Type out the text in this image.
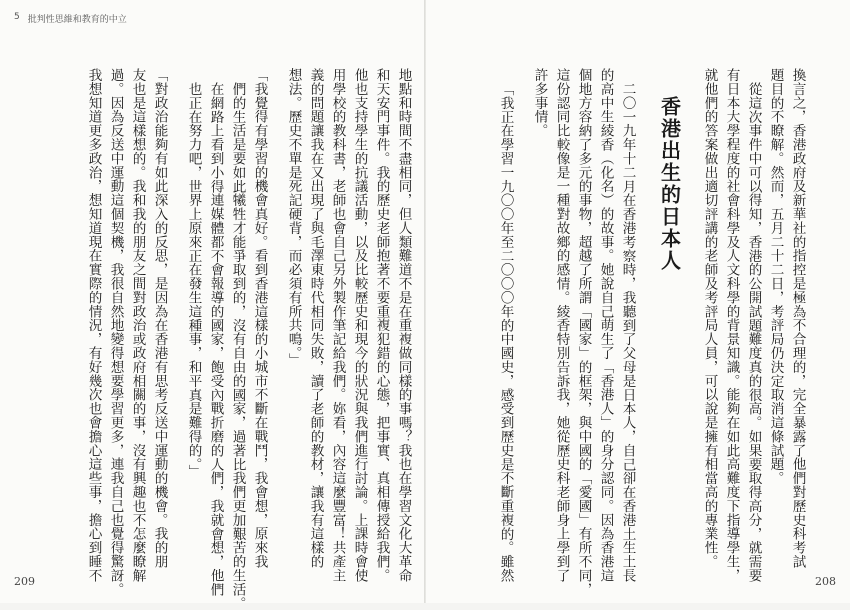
5 批判性思維和教育的中立
地點和時間不盡相同，但人類難道不是在重複做同樣的事嗎？我也在學習文化大革命
和天安門事件。我的歷史老師抱著不要重複犯錯的心態，把事實、真相傳授給我們。
他也支持學生的抗議活動，以及比較歷史和現今的狀況與我們進行討論。上課時會使
用學校的教科書，老師也會自己另外製作筆記給我們。妳看，內容這麼豐富！共產主
義的問題讓我在又出現了與毛澤東時代相同失敗，讀了老師的教材，讓我有這樣的
想法。歷史不單是死記硬背，而必須有所共鳴。」
「我覺得有學習的機會真好。看到香港這樣的小城市不斷在戰鬥，我會想，原來我
們的生活是要如此犧牲才能爭取到的，沒有自由的國家，過著比我們更加艱苦的生活。
在網路上看到小得連媒體都不會報導的國家，飽受內戰折磨的人們，我就會想，他們
也正在努力吧，世界上原來正在發生這種事，和平真是難得的。」
「對政治能夠有如此深入的反思，是因為在香港有思考反送中運動的機會。我的朋
友也是這樣想的。我和我的朋友之間對政治或政府相關的事，沒有興趣也不怎麼瞭解
過。因為反送中運動這個契機，我很自然地變得想要學習更多，連我自己也覺得驚訝。
我想知道更多政治，想知道現在實際的情況，有好幾次也會擔心這些事，擔心到睡不
209
換言之，香港政府及新華社的指控是極為不合理的，完全暴露了他們對歷史科考試
題目的不瞭解。然而，五月二十二日，考評局仍決定取消這條試題。
從這次事件中可以得知，香港的公開試題難度真的很高。如果要取得高分，就需要
有日本大學程度的社會科學及人文科學的背景知識。能夠在如此高難度下指導學生，
就他們的答案做出適切評講的老師及考評局人員，可以說是擁有相當高的專業性。
香港出生的日本人
二〇一九年十二月在香港考察時，我聽到了父母是日本人，自己卻在香港土生土長
的高中生綾香（化名）的故事。她說自己萌生了「香港人」的身分認同。因為香港這
個地方容納了多元的事物，超越了所謂「國家」的框架，與中國的「愛國」有所不同，
這份認同比較像是一種對故鄉的感情。綾香特別告訴我，她從歷史科老師身上學到了
許多事情。
「我正在學習一九〇〇年至二〇〇〇年的中國史，感受到歷史是不斷重複的。雖然	208
